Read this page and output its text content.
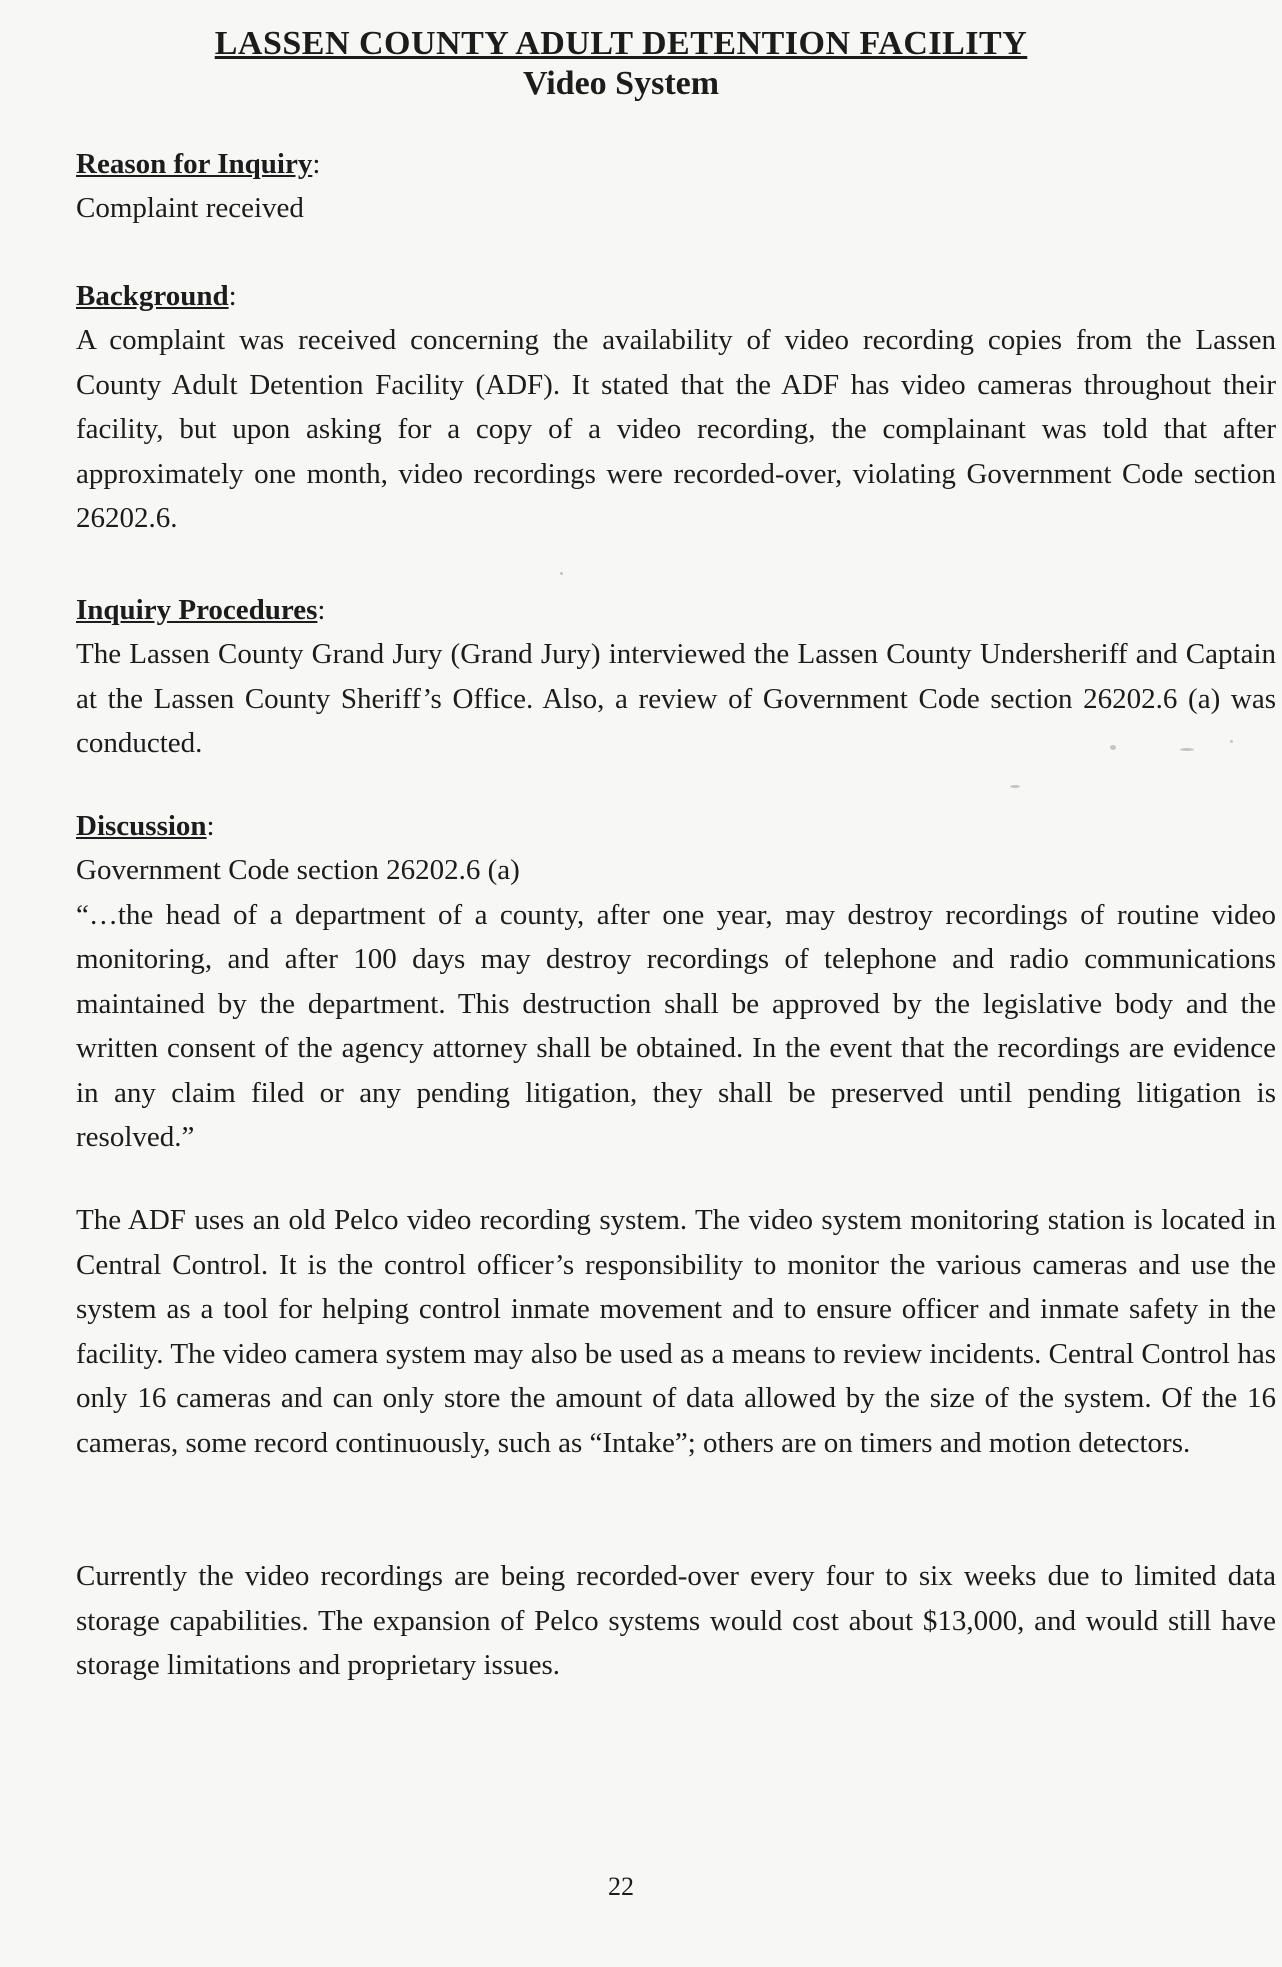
LASSEN COUNTY ADULT DETENTION FACILITY
Video System

Reason for Inquiry:

Complaint received

Background:

A complaint was received concerning the availability of video recording copies from the Lassen County Adult Detention Facility (ADF). It stated that the ADF has video cameras throughout their facility, but upon asking for a copy of a video recording, the complainant was told that after approximately one month, video recordings were recorded-over, violating Government Code section 26202.6.

Inquiry Procedures:

The Lassen County Grand Jury (Grand Jury) interviewed the Lassen County Undersheriff and Captain at the Lassen County Sheriff’s Office. Also, a review of Government Code section 26202.6 (a) was conducted.

Discussion:

Government Code section 26202.6 (a)

“…the head of a department of a county, after one year, may destroy recordings of routine video monitoring, and after 100 days may destroy recordings of telephone and radio communications maintained by the department. This destruction shall be approved by the legislative body and the written consent of the agency attorney shall be obtained. In the event that the recordings are evidence in any claim filed or any pending litigation, they shall be preserved until pending litigation is resolved.”

The ADF uses an old Pelco video recording system. The video system monitoring station is located in Central Control. It is the control officer’s responsibility to monitor the various cameras and use the system as a tool for helping control inmate movement and to ensure officer and inmate safety in the facility. The video camera system may also be used as a means to review incidents. Central Control has only 16 cameras and can only store the amount of data allowed by the size of the system. Of the 16 cameras, some record continuously, such as “Intake”; others are on timers and motion detectors.

Currently the video recordings are being recorded-over every four to six weeks due to limited data storage capabilities. The expansion of Pelco systems would cost about $13,000, and would still have storage limitations and proprietary issues.

22
